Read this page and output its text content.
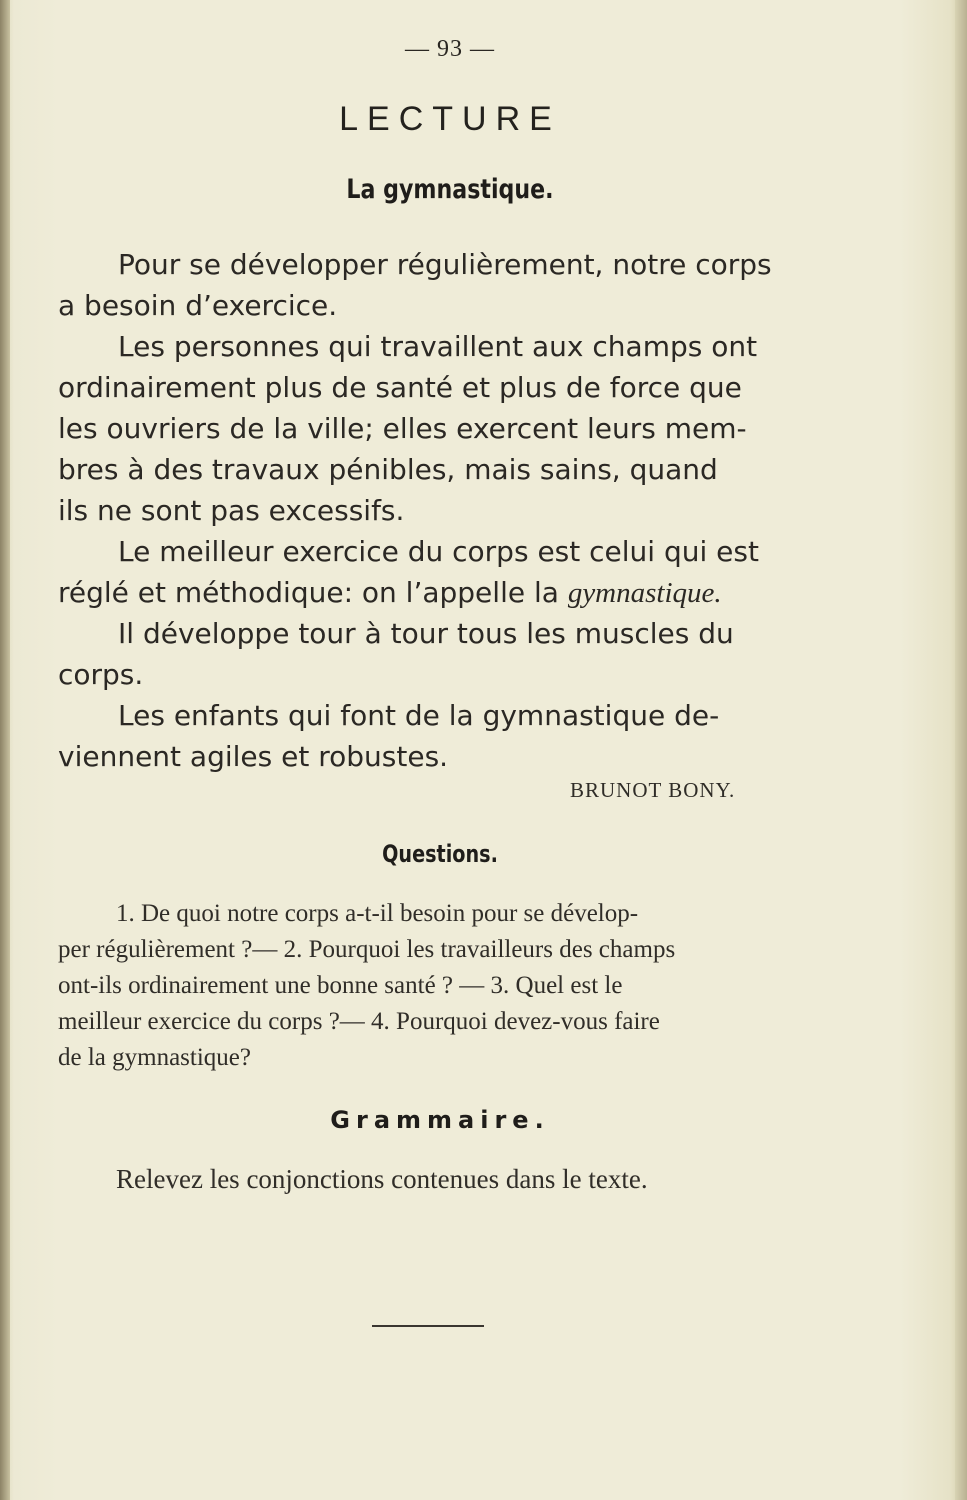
— 93 —
LECTURE
La gymnastique.
Pour se développer régulièrement, notre corps
a besoin d’exercice.
Les personnes qui travaillent aux champs ont
ordinairement plus de santé et plus de force que
les ouvriers de la ville; elles exercent leurs mem-
bres à des travaux pénibles, mais sains, quand
ils ne sont pas excessifs.
Le meilleur exercice du corps est celui qui est
réglé et méthodique: on l’appelle la gymnastique.
Il développe tour à tour tous les muscles du
corps.
Les enfants qui font de la gymnastique de-
viennent agiles et robustes.
BRUNOT BONY.
Questions.
1. De quoi notre corps a-t-il besoin pour se dévelop-
per régulièrement ?— 2. Pourquoi les travailleurs des champs
ont-ils ordinairement une bonne santé ? — 3. Quel est le
meilleur exercice du corps ?— 4. Pourquoi devez-vous faire
de la gymnastique?
Grammaire.
Relevez les conjonctions contenues dans le texte.
